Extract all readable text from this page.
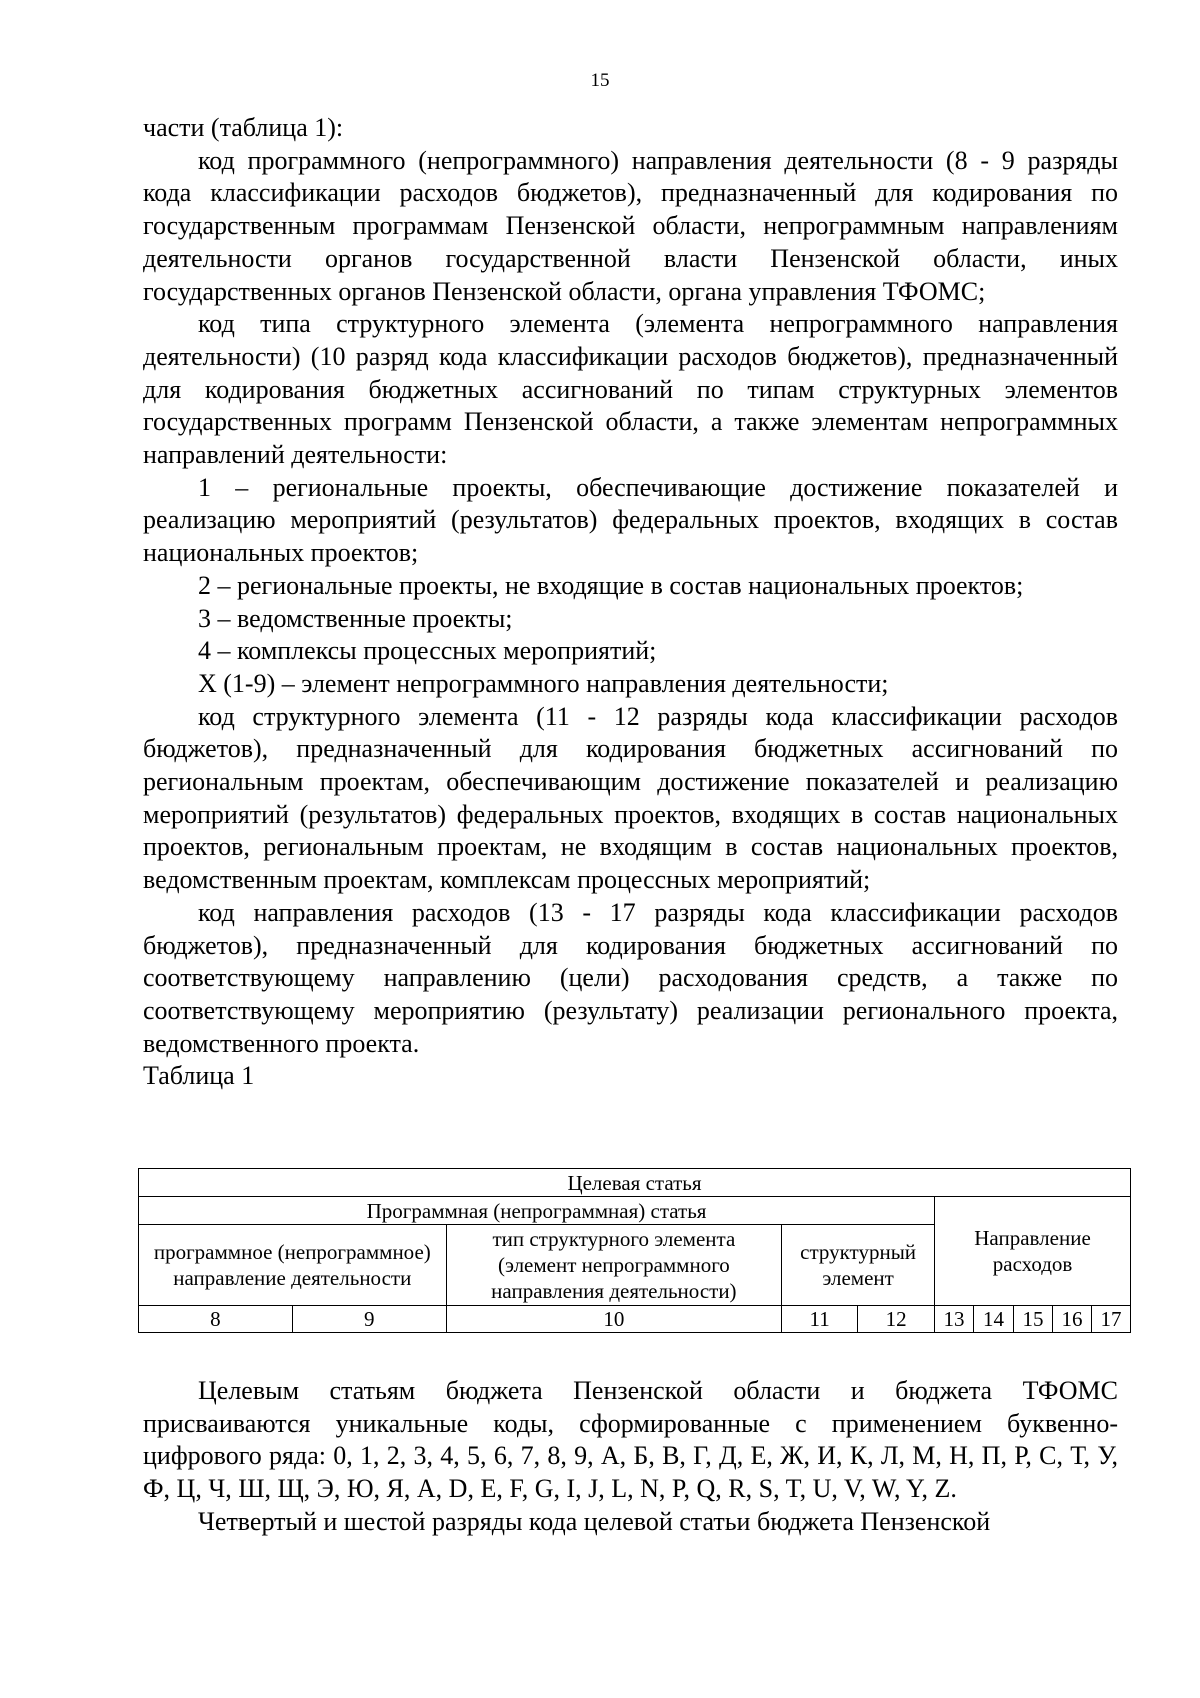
15

части (таблица 1):

код программного (непрограммного) направления деятельности (8 - 9 разряды кода классификации расходов бюджетов), предназначенный для кодирования по государственным программам Пензенской области, непрограммным направлениям деятельности органов государственной власти Пензенской области, иных государственных органов Пензенской области, органа управления ТФОМС;

код типа структурного элемента (элемента непрограммного направления деятельности) (10 разряд кода классификации расходов бюджетов), предназначенный для кодирования бюджетных ассигнований по типам структурных элементов государственных программ Пензенской области, а также элементам непрограммных направлений деятельности:

1 – региональные проекты, обеспечивающие достижение показателей и реализацию мероприятий (результатов) федеральных проектов, входящих в состав национальных проектов;

2 – региональные проекты, не входящие в состав национальных проектов;

3 – ведомственные проекты;

4 – комплексы процессных мероприятий;

Х (1-9) – элемент непрограммного направления деятельности;

код структурного элемента (11 - 12 разряды кода классификации расходов бюджетов), предназначенный для кодирования бюджетных ассигнований по региональным проектам, обеспечивающим достижение показателей и реализацию мероприятий (результатов) федеральных проектов, входящих в состав национальных проектов, региональным проектам, не входящим в состав национальных проектов, ведомственным проектам, комплексам процессных мероприятий;

код направления расходов (13 - 17 разряды кода классификации расходов бюджетов), предназначенный для кодирования бюджетных ассигнований по соответствующему направлению (цели) расходования средств, а также по соответствующему мероприятию (результату) реализации регионального проекта, ведомственного проекта.

Таблица 1

Целевая статья									
Программная (непрограммная) статья					Направление расходов				
программное (непрограммное) направление деятельности		тип структурного элемента (элемент непрограммного направления деятельности)	структурный элемент						
8	9	10	11	12	13	14	15	16	17

Целевым статьям бюджета Пензенской области и бюджета ТФОМС присваиваются уникальные коды, сформированные с применением буквенно-цифрового ряда: 0, 1, 2, 3, 4, 5, 6, 7, 8, 9, А, Б, В, Г, Д, Е, Ж, И, К, Л, М, Н, П, Р, С, Т, У, Ф, Ц, Ч, Ш, Щ, Э, Ю, Я, A, D, E, F, G, I, J, L, N, P, Q, R, S, T, U, V, W, Y, Z.

Четвертый и шестой разряды кода целевой статьи бюджета Пензенской
